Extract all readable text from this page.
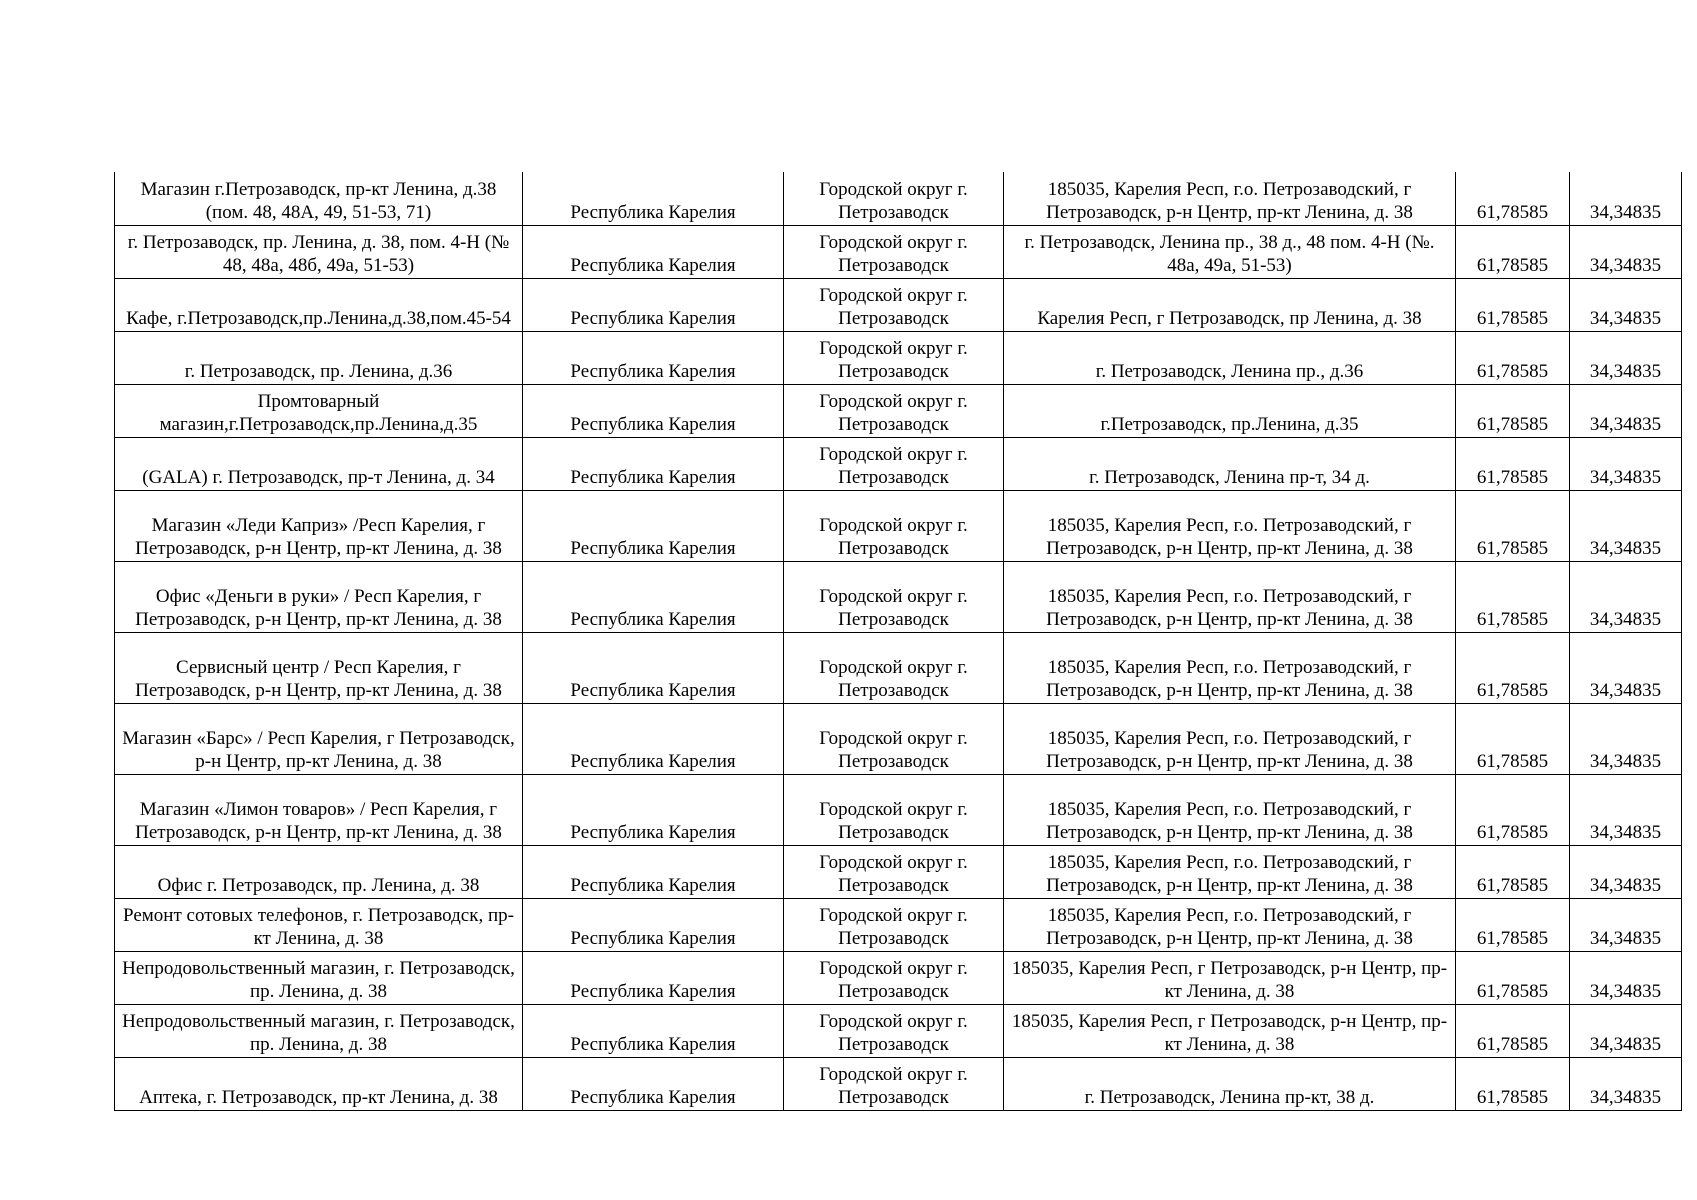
Магазин г.Петрозаводск, пр-кт Ленина, д.38 (пом. 48, 48А, 49, 51-53, 71)	Республика Карелия	Городской округ г. Петрозаводск	185035, Карелия Респ, г.о. Петрозаводский, г Петрозаводск, р-н Центр, пр-кт Ленина, д. 38	61,78585	34,34835
г. Петрозаводск, пр. Ленина, д. 38, пом. 4-Н (№ 48, 48а, 48б, 49а, 51-53)	Республика Карелия	Городской округ г. Петрозаводск	г. Петрозаводск, Ленина пр., 38 д., 48 пом. 4-Н (№. 48а, 49а, 51-53)	61,78585	34,34835
Кафе, г.Петрозаводск,пр.Ленина,д.38,пом.45-54	Республика Карелия	Городской округ г. Петрозаводск	Карелия Респ, г Петрозаводск, пр Ленина, д. 38	61,78585	34,34835
г. Петрозаводск, пр. Ленина, д.36	Республика Карелия	Городской округ г. Петрозаводск	г. Петрозаводск, Ленина пр., д.36	61,78585	34,34835
Промтоварный магазин,г.Петрозаводск,пр.Ленина,д.35	Республика Карелия	Городской округ г. Петрозаводск	г.Петрозаводск, пр.Ленина, д.35	61,78585	34,34835
(GALA) г. Петрозаводск, пр-т Ленина, д. 34	Республика Карелия	Городской округ г. Петрозаводск	г. Петрозаводск, Ленина пр-т, 34 д.	61,78585	34,34835
Магазин «Леди Каприз» /Респ Карелия, г Петрозаводск, р-н Центр, пр-кт Ленина, д. 38	Республика Карелия	Городской округ г. Петрозаводск	185035, Карелия Респ, г.о. Петрозаводский, г Петрозаводск, р-н Центр, пр-кт Ленина, д. 38	61,78585	34,34835
Офис «Деньги в руки» / Респ Карелия, г Петрозаводск, р-н Центр, пр-кт Ленина, д. 38	Республика Карелия	Городской округ г. Петрозаводск	185035, Карелия Респ, г.о. Петрозаводский, г Петрозаводск, р-н Центр, пр-кт Ленина, д. 38	61,78585	34,34835
Сервисный центр / Респ Карелия, г Петрозаводск, р-н Центр, пр-кт Ленина, д. 38	Республика Карелия	Городской округ г. Петрозаводск	185035, Карелия Респ, г.о. Петрозаводский, г Петрозаводск, р-н Центр, пр-кт Ленина, д. 38	61,78585	34,34835
Магазин «Барс» / Респ Карелия, г Петрозаводск, р-н Центр, пр-кт Ленина, д. 38	Республика Карелия	Городской округ г. Петрозаводск	185035, Карелия Респ, г.о. Петрозаводский, г Петрозаводск, р-н Центр, пр-кт Ленина, д. 38	61,78585	34,34835
Магазин «Лимон товаров» / Респ Карелия, г Петрозаводск, р-н Центр, пр-кт Ленина, д. 38	Республика Карелия	Городской округ г. Петрозаводск	185035, Карелия Респ, г.о. Петрозаводский, г Петрозаводск, р-н Центр, пр-кт Ленина, д. 38	61,78585	34,34835
Офис г. Петрозаводск, пр. Ленина, д. 38	Республика Карелия	Городской округ г. Петрозаводск	185035, Карелия Респ, г.о. Петрозаводский, г Петрозаводск, р-н Центр, пр-кт Ленина, д. 38	61,78585	34,34835
Ремонт сотовых телефонов, г. Петрозаводск, пр-кт Ленина, д. 38	Республика Карелия	Городской округ г. Петрозаводск	185035, Карелия Респ, г.о. Петрозаводский, г Петрозаводск, р-н Центр, пр-кт Ленина, д. 38	61,78585	34,34835
Непродовольственный магазин, г. Петрозаводск, пр. Ленина, д. 38	Республика Карелия	Городской округ г. Петрозаводск	185035, Карелия Респ, г Петрозаводск, р-н Центр, пр-кт Ленина, д. 38	61,78585	34,34835
Непродовольственный магазин, г. Петрозаводск, пр. Ленина, д. 38	Республика Карелия	Городской округ г. Петрозаводск	185035, Карелия Респ, г Петрозаводск, р-н Центр, пр-кт Ленина, д. 38	61,78585	34,34835
Аптека, г. Петрозаводск, пр-кт Ленина, д. 38	Республика Карелия	Городской округ г. Петрозаводск	г. Петрозаводск, Ленина пр-кт, 38 д.	61,78585	34,34835
